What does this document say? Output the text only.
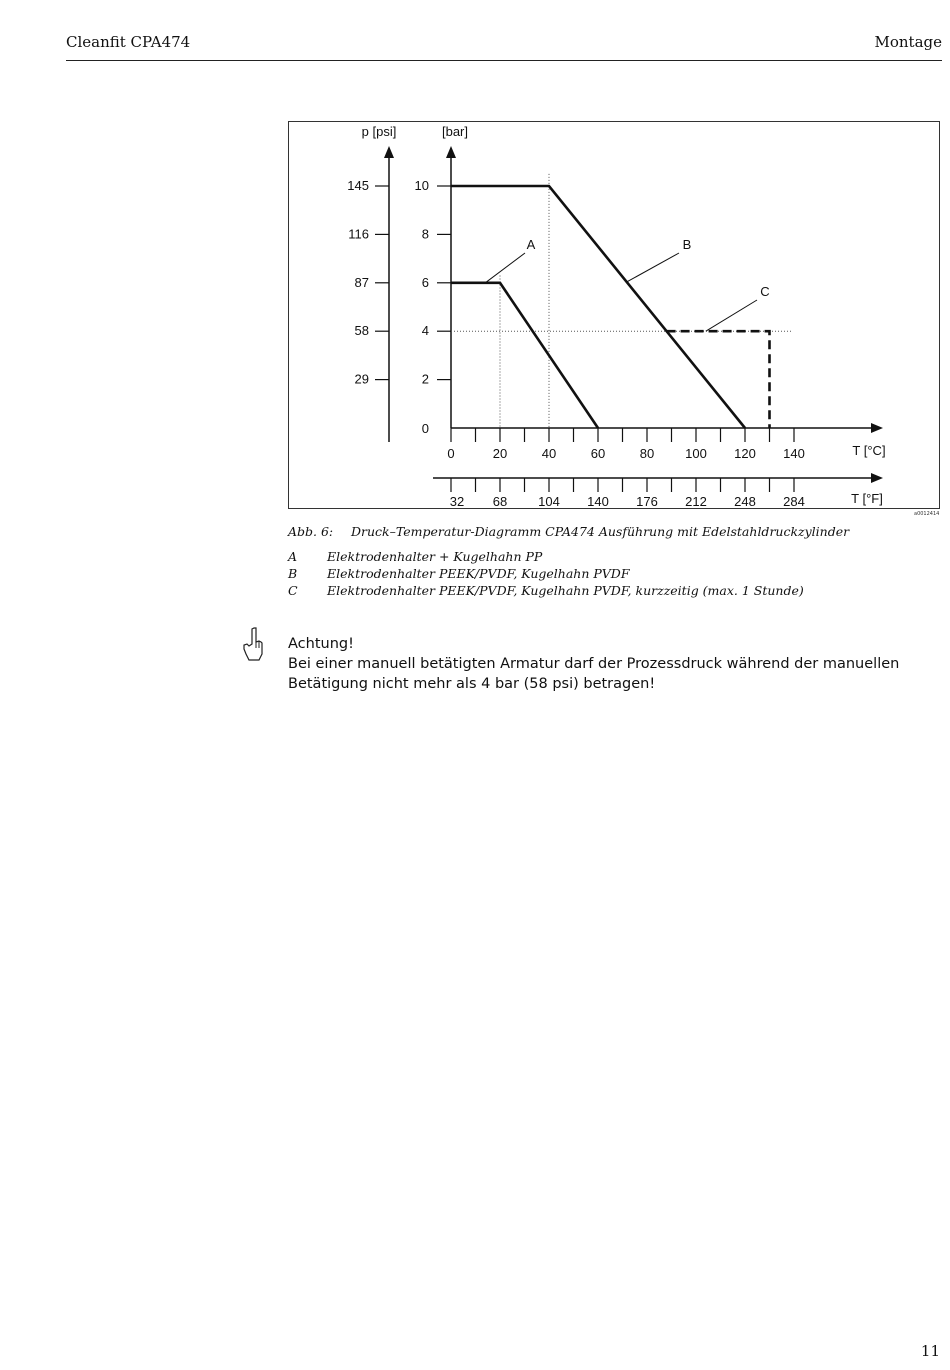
Cleanfit CPA474	Montage
[bar]
p [psi]
0
2
4
6
8
10
29
58
87
116
145
T [°C]
0	20	40	60	80 100 120 140
T [°F]
32 68 104 140 176 212 248 284
A	B
C
a0012414
Abb. 6: Druck–Temperatur-Diagramm CPA474 Ausführung mit Edelstahldruckzylinder
A Elektrodenhalter + Kugelhahn PP
B Elektrodenhalter PEEK/PVDF, Kugelhahn PVDF
C Elektrodenhalter PEEK/PVDF, Kugelhahn PVDF, kurzzeitig (max. 1 Stunde)
Achtung!
Bei einer manuell betätigten Armatur darf der Prozessdruck während der manuellen Betätigung nicht mehr als 4 bar (58 psi) betragen!
11
